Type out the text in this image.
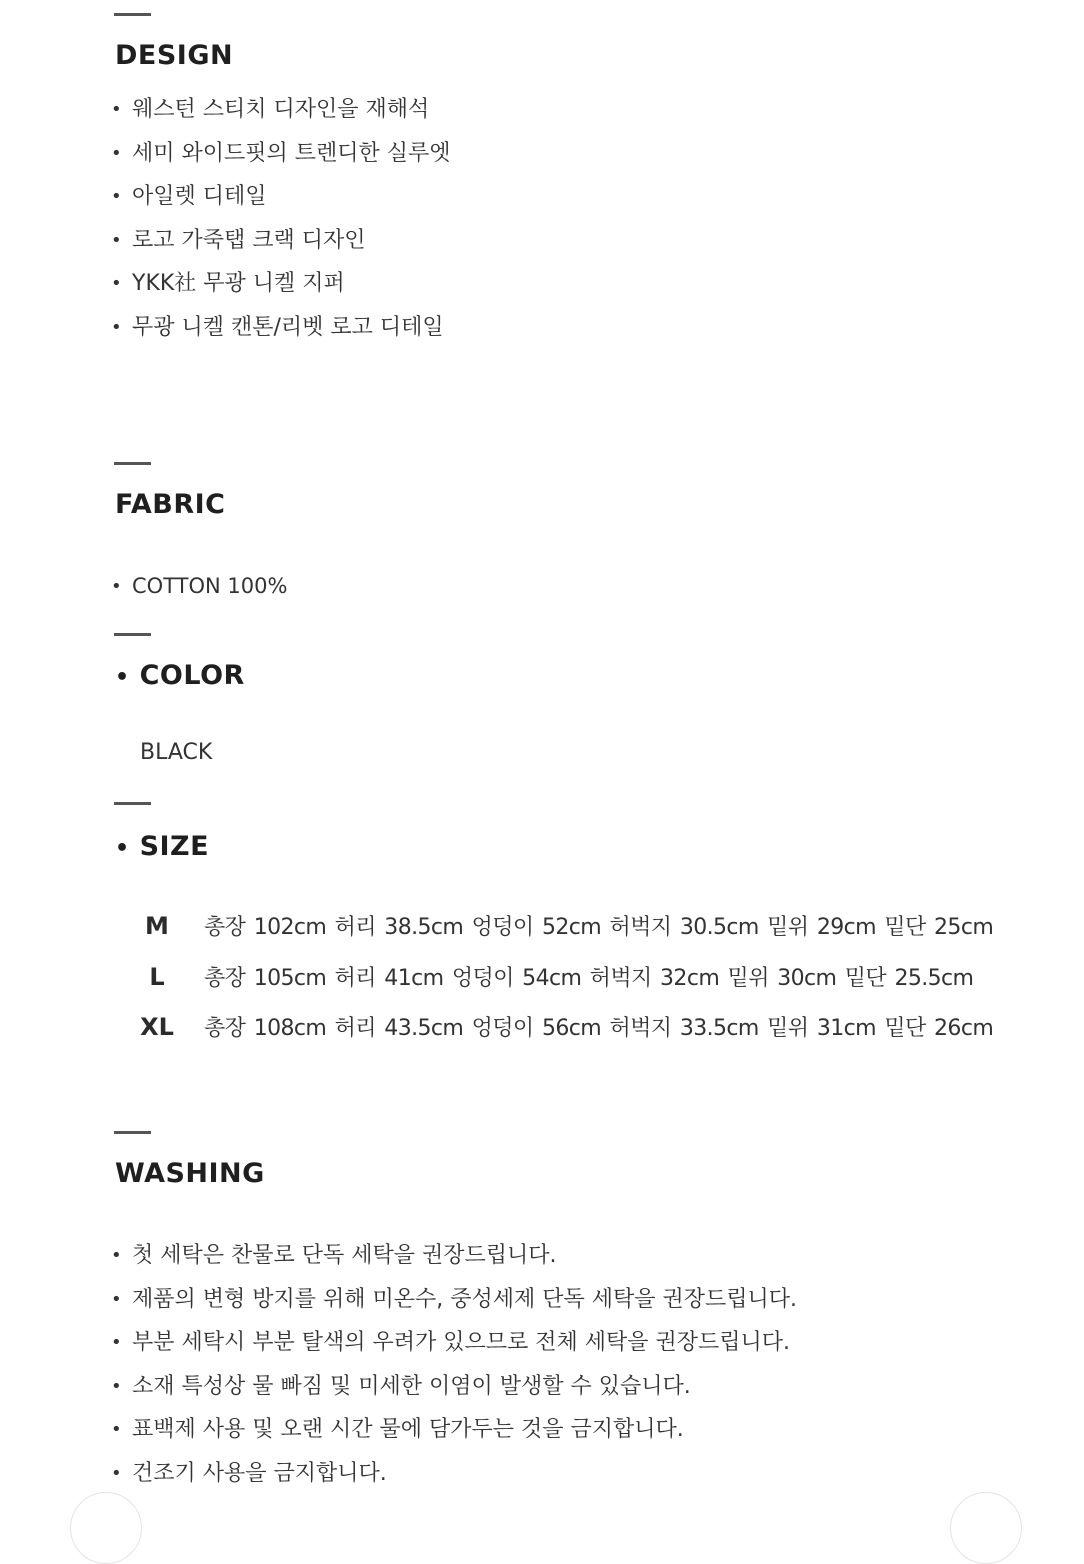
DESIGN
• 웨스턴 스티치 디자인을 재해석
• 세미 와이드핏의 트렌디한 실루엣
• 아일렛 디테일
• 로고 가죽탭 크랙 디자인
• YKK社 무광 니켈 지퍼
• 무광 니켈 캔톤/리벳 로고 디테일
FABRIC
• COTTON 100%
• COLOR
BLACK
• SIZE
M 총장 102cm 허리 38.5cm 엉덩이 52cm 허벅지 30.5cm 밑위 29cm 밑단 25cm
L 총장 105cm 허리 41cm 엉덩이 54cm 허벅지 32cm 밑위 30cm 밑단 25.5cm
XL 총장 108cm 허리 43.5cm 엉덩이 56cm 허벅지 33.5cm 밑위 31cm 밑단 26cm
WASHING
• 첫 세탁은 찬물로 단독 세탁을 권장드립니다.
• 제품의 변형 방지를 위해 미온수, 중성세제 단독 세탁을 권장드립니다.
• 부분 세탁시 부분 탈색의 우려가 있으므로 전체 세탁을 권장드립니다.
• 소재 특성상 물 빠짐 및 미세한 이염이 발생할 수 있습니다.
• 표백제 사용 및 오랜 시간 물에 담가두는 것을 금지합니다.
• 건조기 사용을 금지합니다.
